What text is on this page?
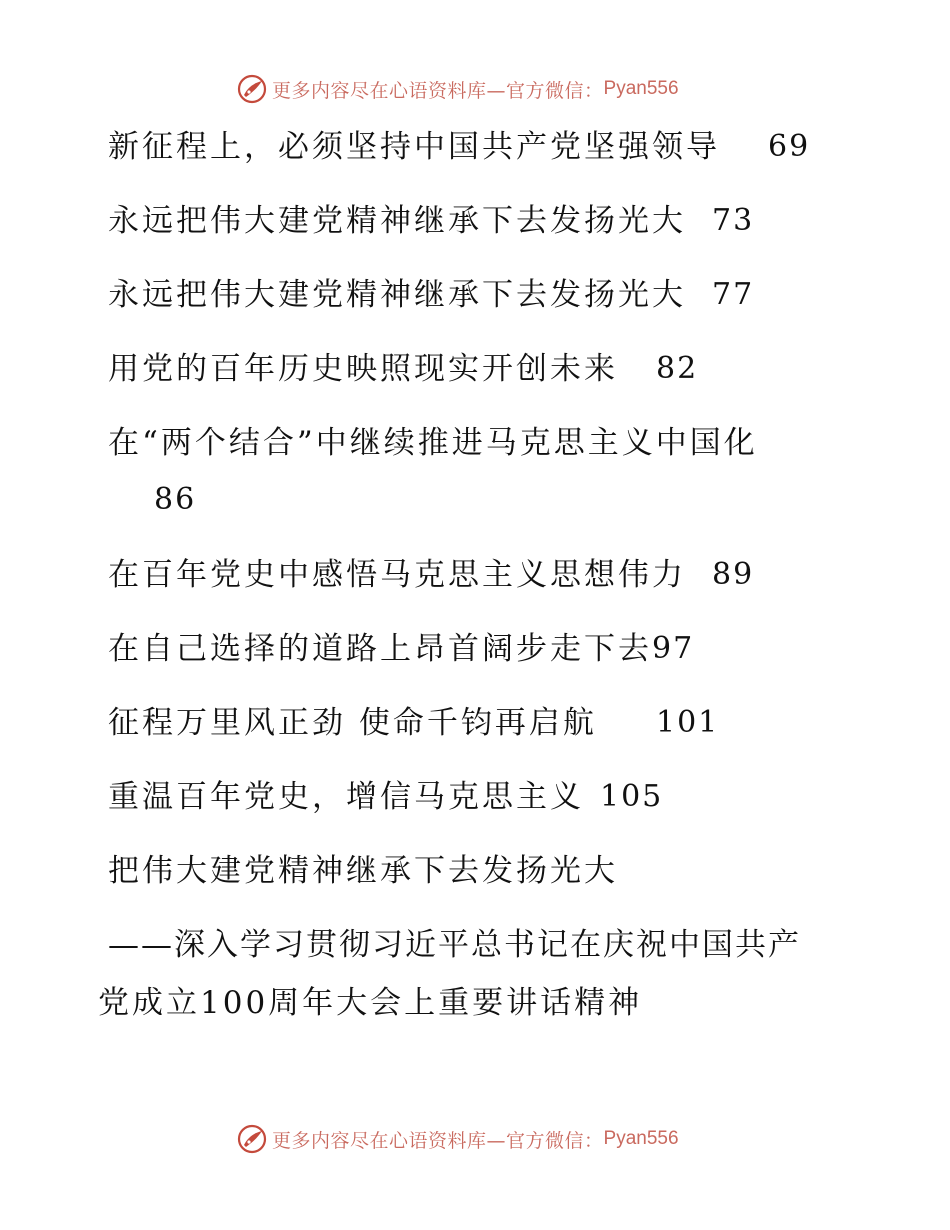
更多内容尽在心语资料库—官方微信： Pyan556
新征程上，必须坚持中国共产党坚强领导 69
永远把伟大建党精神继承下去发扬光大 73
永远把伟大建党精神继承下去发扬光大 77
用党的百年历史映照现实开创未来 82
在“两个结合”中继续推进马克思主义中国化
86
在百年党史中感悟马克思主义思想伟力 89
在自己选择的道路上昂首阔步走下去 97
征程万里风正劲 使命千钧再启航 101
重温百年党史，增信马克思主义 105
把伟大建党精神继承下去发扬光大
——深入学习贯彻习近平总书记在庆祝中国共产
党成立100周年大会上重要讲话精神
更多内容尽在心语资料库—官方微信： Pyan556
